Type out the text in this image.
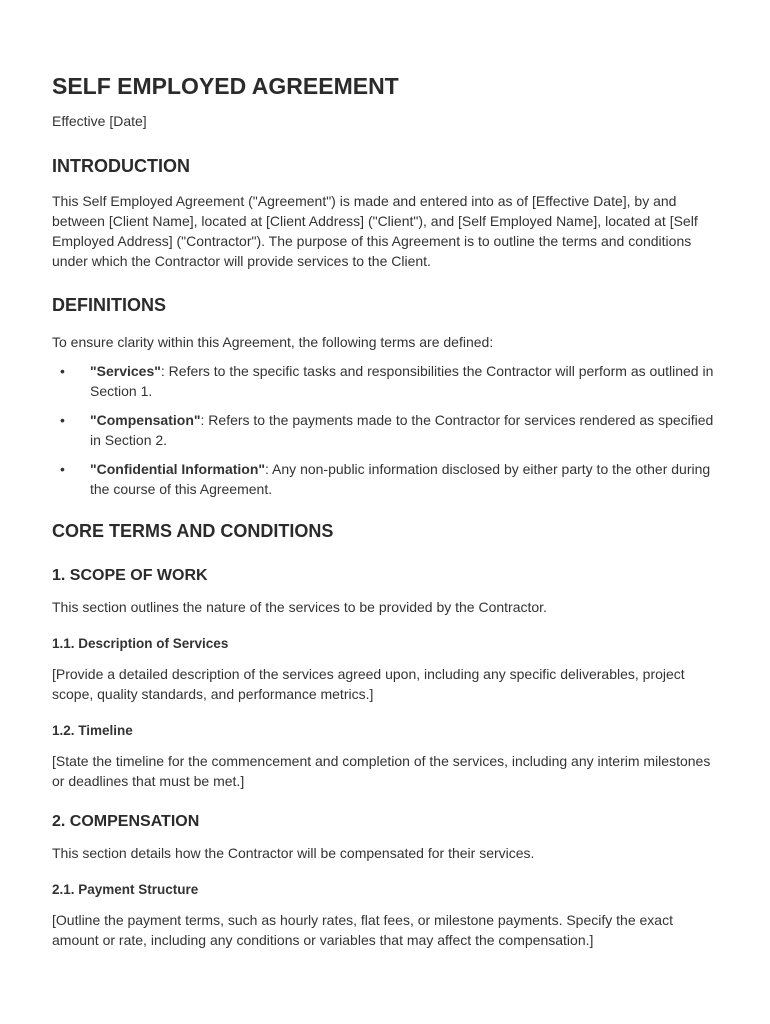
SELF EMPLOYED AGREEMENT
Effective [Date]
INTRODUCTION

This Self Employed Agreement ("Agreement") is made and entered into as of [Effective Date], by and between [Client Name], located at [Client Address] ("Client"), and [Self Employed Name], located at [Self Employed Address] ("Contractor"). The purpose of this Agreement is to outline the terms and conditions under which the Contractor will provide services to the Client.

DEFINITIONS

To ensure clarity within this Agreement, the following terms are defined:

• "Services": Refers to the specific tasks and responsibilities the Contractor will perform as outlined in Section 1.
• "Compensation": Refers to the payments made to the Contractor for services rendered as specified in Section 2.
• "Confidential Information": Any non-public information disclosed by either party to the other during the course of this Agreement.
CORE TERMS AND CONDITIONS
1. SCOPE OF WORK

This section outlines the nature of the services to be provided by the Contractor.

1.1. Description of Services

[Provide a detailed description of the services agreed upon, including any specific deliverables, project scope, quality standards, and performance metrics.]

1.2. Timeline

[State the timeline for the commencement and completion of the services, including any interim milestones or deadlines that must be met.]

2. COMPENSATION

This section details how the Contractor will be compensated for their services.

2.1. Payment Structure

[Outline the payment terms, such as hourly rates, flat fees, or milestone payments. Specify the exact amount or rate, including any conditions or variables that may affect the compensation.]
